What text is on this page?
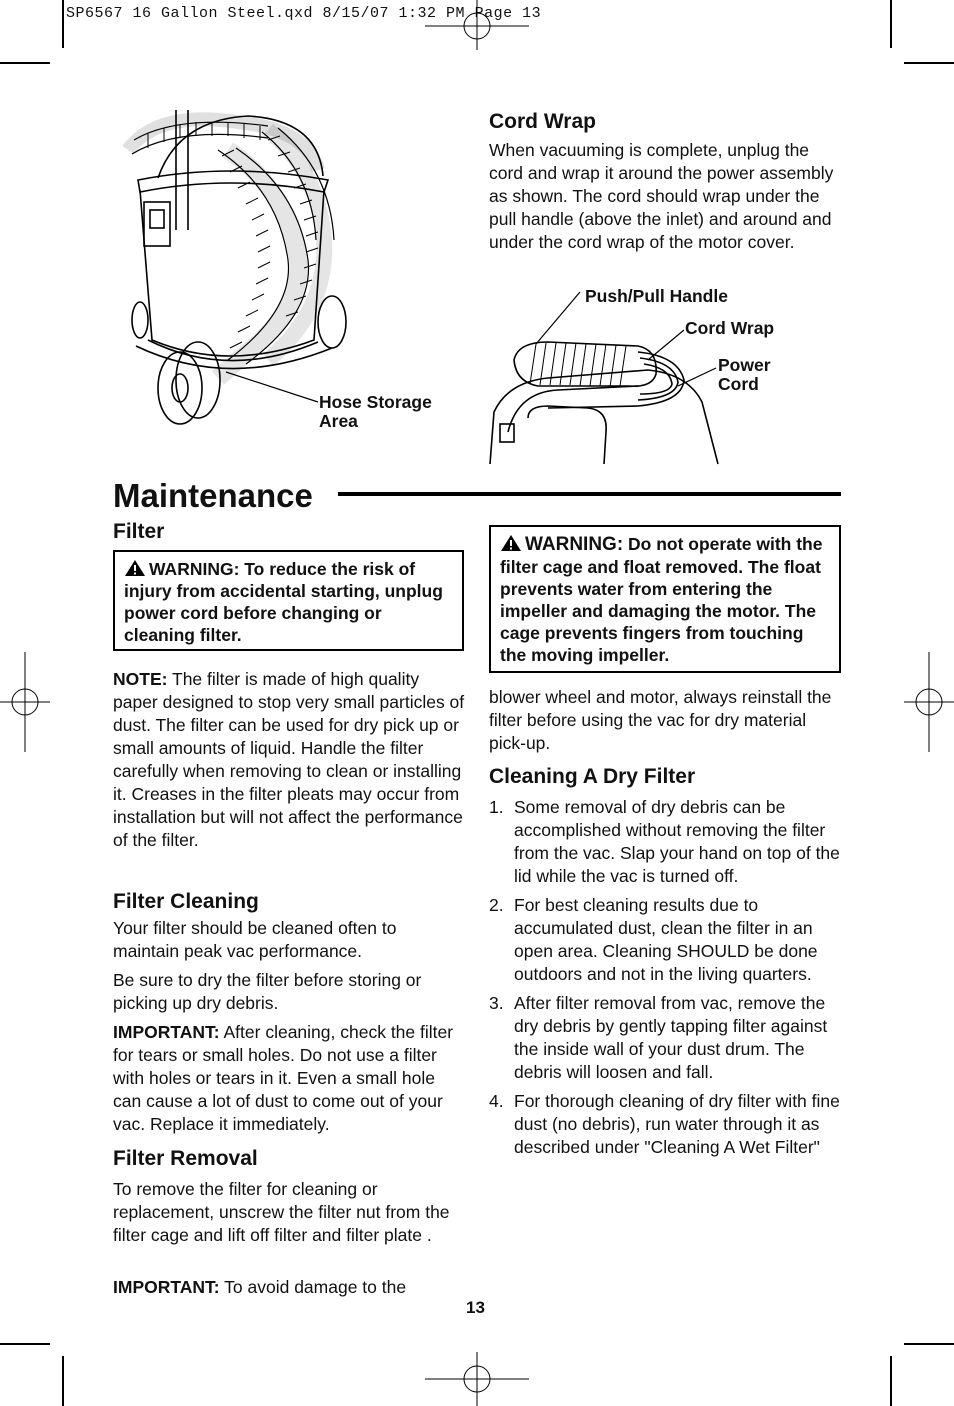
SP6567 16 Gallon Steel.qxd 8/15/07 1:32 PM Page 13
Hose Storage
Area
Cord Wrap

When vacuuming is complete, unplug the cord and wrap it around the power assembly as shown. The cord should wrap under the pull handle (above the inlet) and around and under the cord wrap of the motor cover.

Push/Pull Handle
Cord Wrap
Power
Cord
Maintenance
Filter
WARNING: To reduce the risk of injury from accidental starting, unplug power cord before changing or cleaning filter.

NOTE: The filter is made of high quality paper designed to stop very small particles of dust. The filter can be used for dry pick up or small amounts of liquid. Handle the filter carefully when removing to clean or installing it. Creases in the filter pleats may occur from installation but will not affect the performance of the filter.

Filter Cleaning

Your filter should be cleaned often to maintain peak vac performance.

Be sure to dry the filter before storing or picking up dry debris.

IMPORTANT: After cleaning, check the filter for tears or small holes. Do not use a filter with holes or tears in it. Even a small hole can cause a lot of dust to come out of your vac. Replace it immediately.

Filter Removal

To remove the filter for cleaning or replacement, unscrew the filter nut from the filter cage and lift off filter and filter plate .

IMPORTANT: To avoid damage to the

WARNING: Do not operate with the filter cage and float removed. The float prevents water from entering the impeller and damaging the motor. The cage prevents fingers from touching the moving impeller.

blower wheel and motor, always reinstall the filter before using the vac for dry material pick-up.

Cleaning A Dry Filter
1. Some removal of dry debris can be accomplished without removing the filter from the vac. Slap your hand on top of the lid while the vac is turned off.
2. For best cleaning results due to accumulated dust, clean the filter in an open area. Cleaning SHOULD be done outdoors and not in the living quarters.
3. After filter removal from vac, remove the dry debris by gently tapping filter against the inside wall of your dust drum. The debris will loosen and fall.
4. For thorough cleaning of dry filter with fine dust (no debris), run water through it as described under "Cleaning A Wet Filter"
13
